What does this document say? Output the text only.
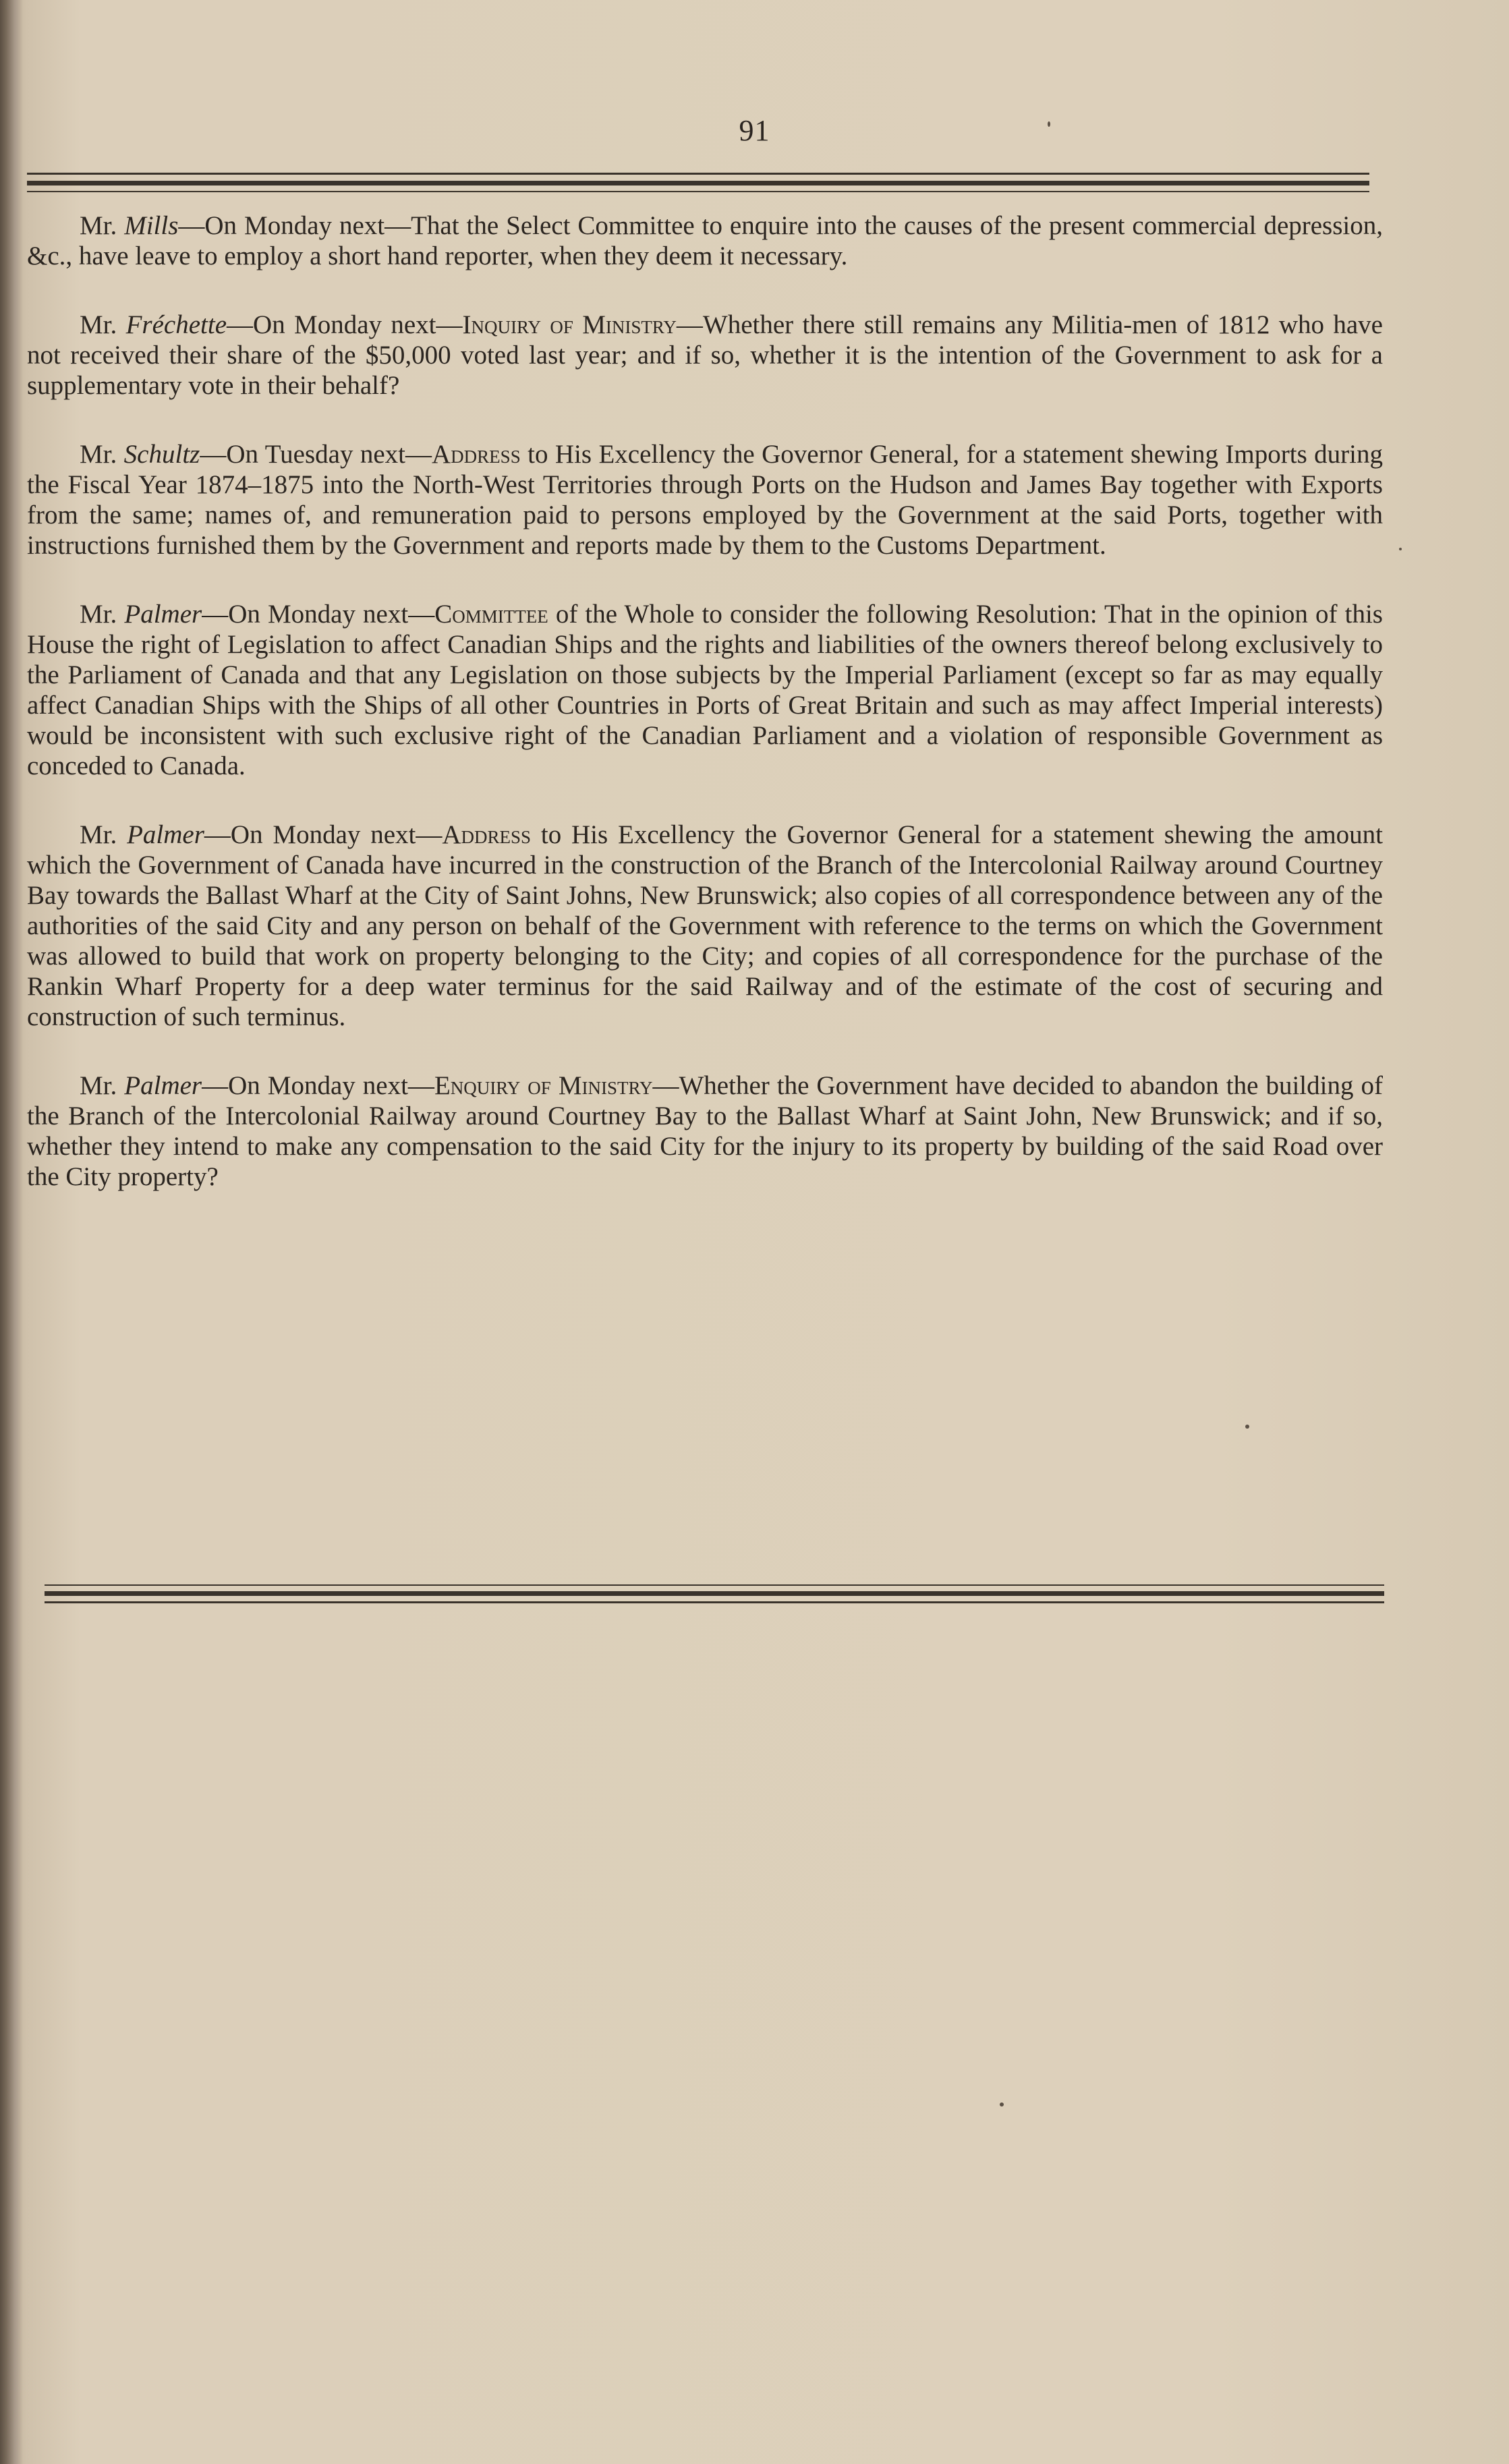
91

Mr. Mills—On Monday next—That the Select Committee to enquire into the causes of the present commercial depression, &c., have leave to employ a short hand reporter, when they deem it necessary.

Mr. Fréchette—On Monday next—Inquiry of Ministry—Whether there still remains any Militia-men of 1812 who have not received their share of the $50,000 voted last year; and if so, whether it is the intention of the Government to ask for a supplementary vote in their behalf?

Mr. Schultz—On Tuesday next—Address to His Excellency the Governor General, for a statement shewing Imports during the Fiscal Year 1874–1875 into the North-West Territories through Ports on the Hudson and James Bay together with Exports from the same; names of, and remuneration paid to persons employed by the Government at the said Ports, together with instructions furnished them by the Government and reports made by them to the Customs Department.

Mr. Palmer—On Monday next—Committee of the Whole to consider the following Resolution: That in the opinion of this House the right of Legislation to affect Canadian Ships and the rights and liabilities of the owners thereof belong exclusively to the Parliament of Canada and that any Legislation on those subjects by the Imperial Parliament (except so far as may equally affect Canadian Ships with the Ships of all other Countries in Ports of Great Britain and such as may affect Imperial interests) would be inconsistent with such exclusive right of the Canadian Parliament and a violation of responsible Government as conceded to Canada.

Mr. Palmer—On Monday next—Address to His Excellency the Governor General for a statement shewing the amount which the Government of Canada have incurred in the construction of the Branch of the Intercolonial Railway around Courtney Bay towards the Ballast Wharf at the City of Saint Johns, New Brunswick; also copies of all correspondence between any of the authorities of the said City and any person on behalf of the Government with reference to the terms on which the Government was allowed to build that work on property belonging to the City; and copies of all correspondence for the purchase of the Rankin Wharf Property for a deep water terminus for the said Railway and of the estimate of the cost of securing and construction of such terminus.

Mr. Palmer—On Monday next—Enquiry of Ministry—Whether the Government have decided to abandon the building of the Branch of the Intercolonial Railway around Courtney Bay to the Ballast Wharf at Saint John, New Brunswick; and if so, whether they intend to make any compensation to the said City for the injury to its property by building of the said Road over the City property?
